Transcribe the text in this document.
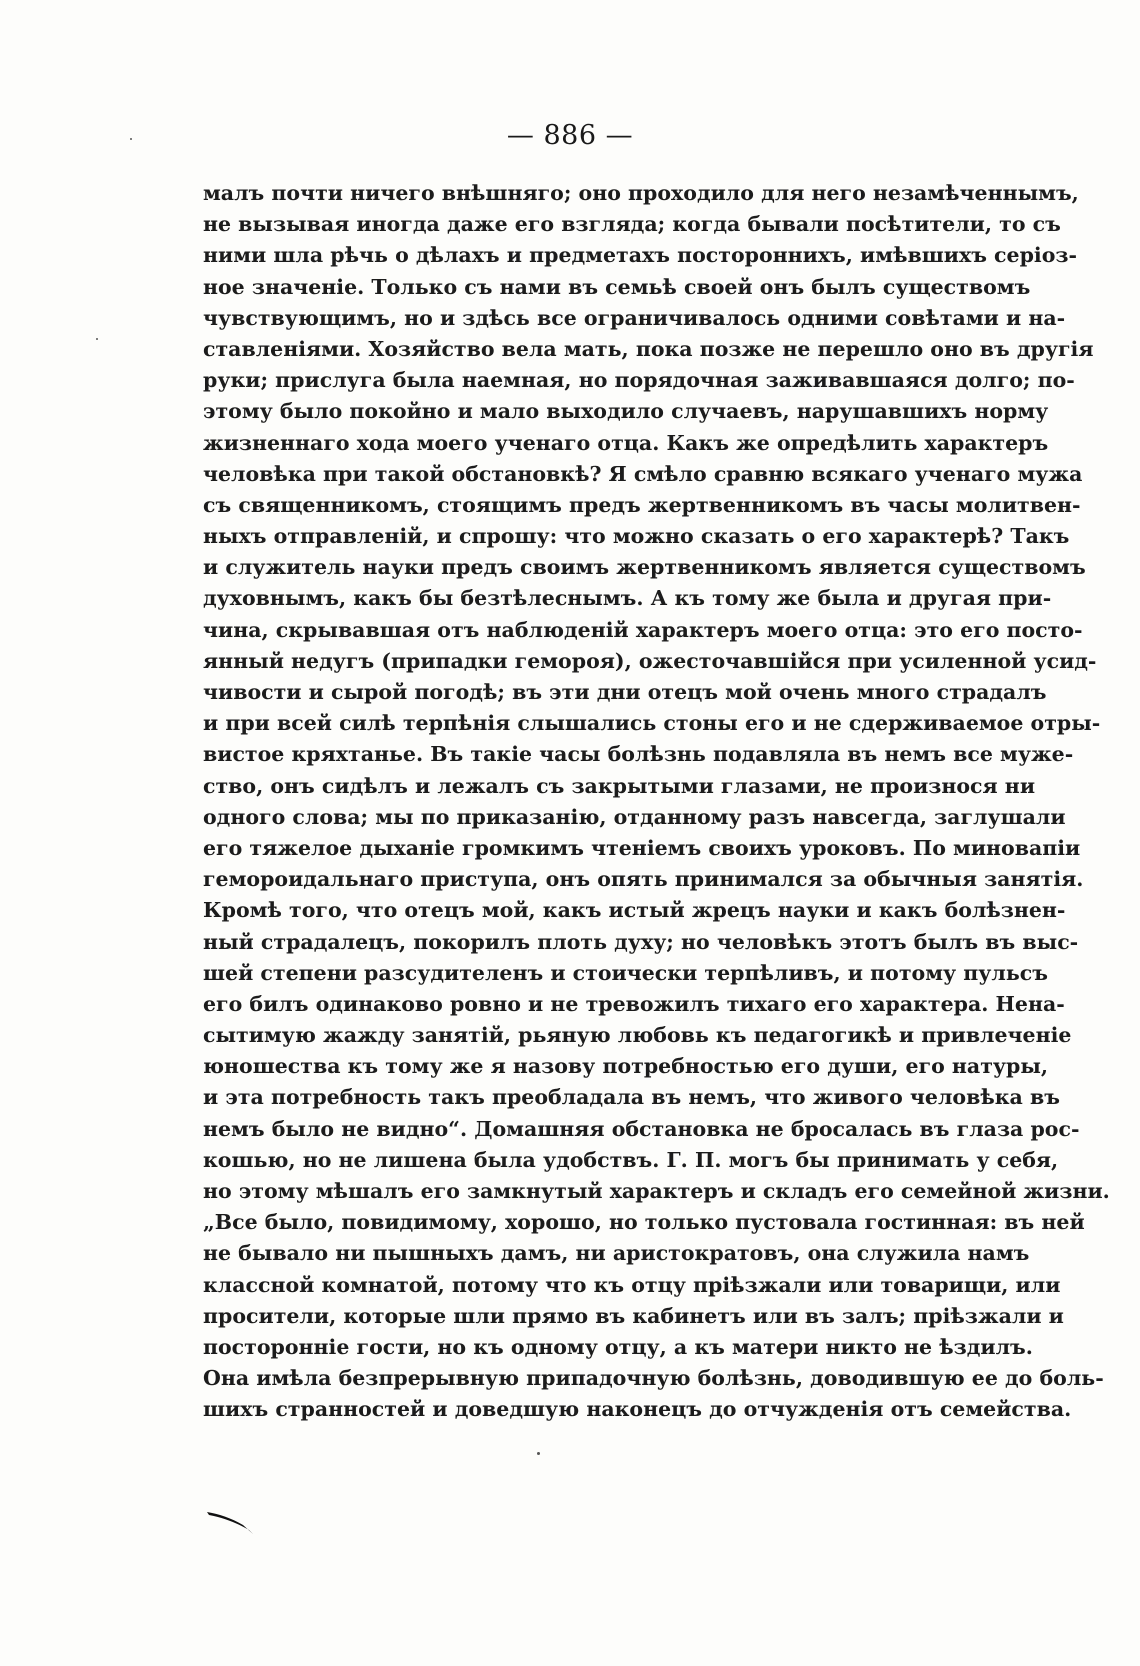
— 886 —
малъ почти ничего внѣшняго; оно проходило для него незамѣченнымъ,
не вызывая иногда даже его взгляда; когда бывали посѣтители, то съ
ними шла рѣчь о дѣлахъ и предметахъ постороннихъ, имѣвшихъ серіоз-
ное значеніе. Только съ нами въ семьѣ своей онъ былъ существомъ
чувствующимъ, но и здѣсь все ограничивалось одними совѣтами и на-
ставленіями. Хозяйство вела мать, пока позже не перешло оно въ другія
руки; прислуга была наемная, но порядочная заживавшаяся долго; по-
этому было покойно и мало выходило случаевъ, нарушавшихъ норму
жизненнаго хода моего ученаго отца. Какъ же опредѣлить характеръ
человѣка при такой обстановкѣ? Я смѣло сравню всякаго ученаго мужа
съ священникомъ, стоящимъ предъ жертвенникомъ въ часы молитвен-
ныхъ отправленій, и спрошу: что можно сказать о его характерѣ? Такъ
и служитель науки предъ своимъ жертвенникомъ является существомъ
духовнымъ, какъ бы безтѣлеснымъ. А къ тому же была и другая при-
чина, скрывавшая отъ наблюденій характеръ моего отца: это его посто-
янный недугъ (припадки гемороя), ожесточавшійся при усиленной усид-
чивости и сырой погодѣ; въ эти дни отецъ мой очень много страдалъ
и при всей силѣ терпѣнія слышались стоны его и не сдерживаемое отры-
вистое кряхтанье. Въ такіе часы болѣзнь подавляла въ немъ все муже-
ство, онъ сидѣлъ и лежалъ съ закрытыми глазами, не произнося ни
одного слова; мы по приказанію, отданному разъ навсегда, заглушали
его тяжелое дыханіе громкимъ чтеніемъ своихъ уроковъ. По миновапіи
гемороидальнаго приступа, онъ опять принимался за обычныя занятія.
Кромѣ того, что отецъ мой, какъ истый жрецъ науки и какъ болѣзнен-
ный страдалецъ, покорилъ плоть духу; но человѣкъ этотъ былъ въ выс-
шей степени разсудителенъ и стоически терпѣливъ, и потому пульсъ
его билъ одинаково ровно и не тревожилъ тихаго его характера. Нена-
сытимую жажду занятій, рьяную любовь къ педагогикѣ и привлеченіе
юношества къ тому же я назову потребностью его души, его натуры,
и эта потребность такъ преобладала въ немъ, что живого человѣка въ
немъ было не видно“. Домашняя обстановка не бросалась въ глаза рос-
кошью, но не лишена была удобствъ. Г. П. могъ бы принимать у себя,
но этому мѣшалъ его замкнутый характеръ и складъ его семейной жизни.
„Все было, повидимому, хорошо, но только пустовала гостинная: въ ней
не бывало ни пышныхъ дамъ, ни аристократовъ, она служила намъ
классной комнатой, потому что къ отцу пріѣзжали или товарищи, или
просители, которые шли прямо въ кабинетъ или въ залъ; пріѣзжали и
посторонніе гости, но къ одному отцу, а къ матери никто не ѣздилъ.
Она имѣла безпрерывную припадочную болѣзнь, доводившую ее до боль-
шихъ странностей и доведшую наконецъ до отчужденія отъ семейства.
